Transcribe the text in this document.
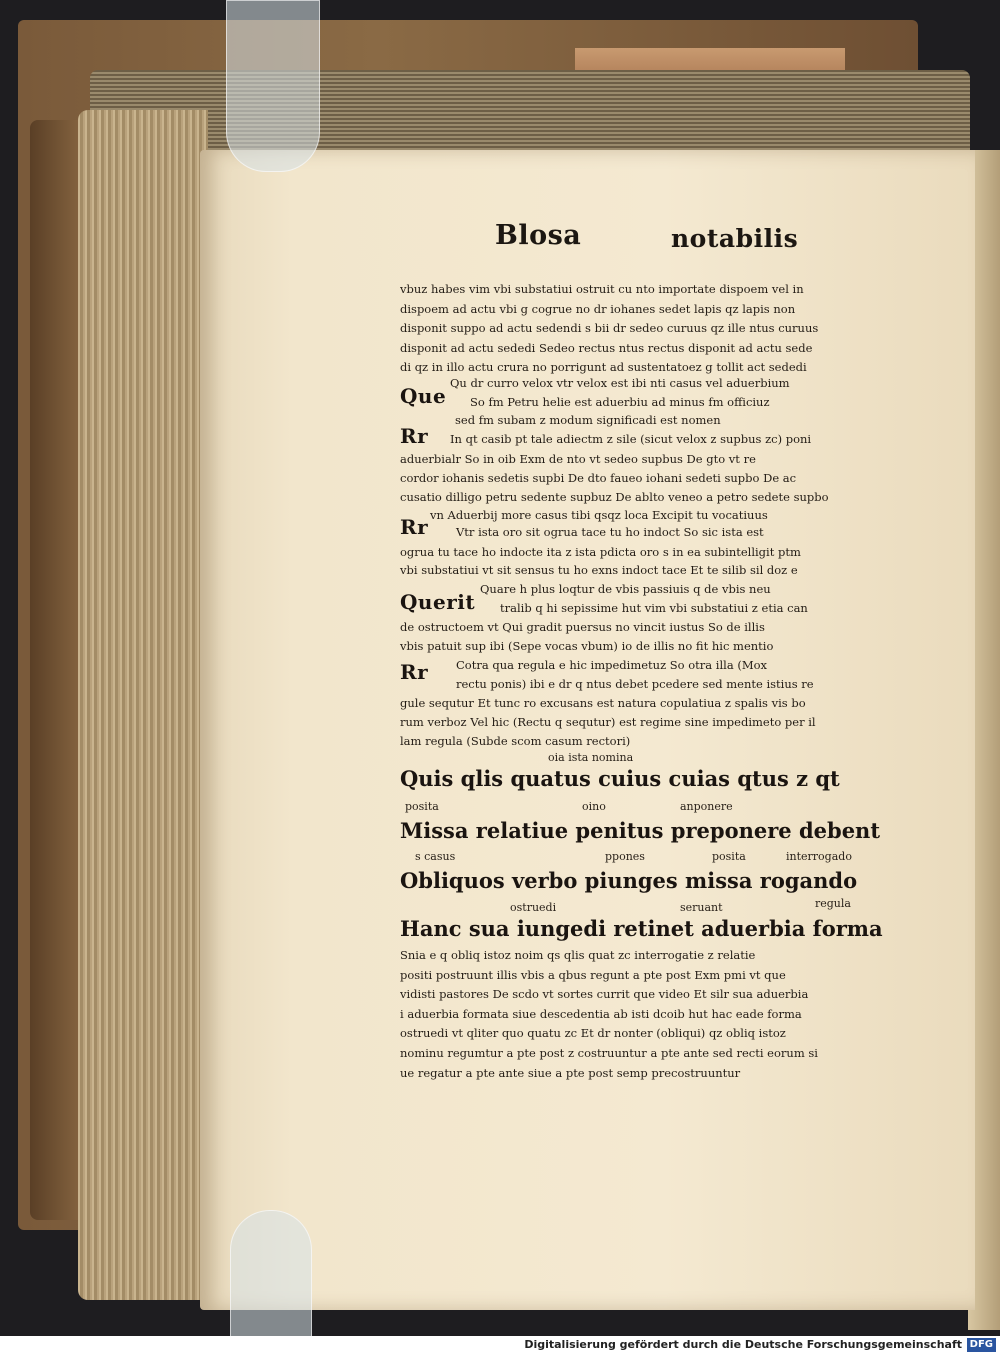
Blosa	notabilis
vbuz habes vim vbi substatiui ostruit cu nto importate dispoem vel in
dispoem ad actu vbi g cogrue no dr iohanes sedet lapis qz lapis non
disponit suppo ad actu sedendi s bii dr sedeo curuus qz ille ntus curuus
disponit ad actu sededi Sedeo rectus ntus rectus disponit ad actu sede
di qz in illo actu crura no porrigunt ad sustentatoez g tollit act sededi
Que
Qu dr curro velox vtr velox est ibi nti casus vel aduerbium
So fm Petru helie est aduerbiu ad minus fm officiuz
sed fm subam z modum significadi est nomen
Rr In qt casib pt tale adiectm z sile (sicut velox z supbus zc) poni
aduerbialr So in oib Exm de nto vt sedeo supbus De gto vt re
cordor iohanis sedetis supbi De dto faueo iohani sedeti supbo De ac
cusatio dilligo petru sedente supbuz De ablto veneo a petro sedete supbo
vn Aduerbij more casus tibi qsqz loca Excipit tu vocatiuus
Rr Vtr ista oro sit ogrua tace tu ho indoct So sic ista est
ogrua tu tace ho indocte ita z ista pdicta oro s in ea subintelligit ptm
vbi substatiui vt sit sensus tu ho exns indoct tace Et te silib sil doz e
Querit
Quare h plus loqtur de vbis passiuis q de vbis neu
tralib q hi sepissime hut vim vbi substatiui z etia can
de ostructoem vt Qui gradit puersus no vincit iustus So de illis
vbis patuit sup ibi (Sepe vocas vbum) io de illis no fit hic mentio
Rr Cotra qua regula e hic impedimetuz So otra illa (Mox
rectu ponis) ibi e dr q ntus debet pcedere sed mente istius re
gule sequtur Et tunc ro excusans est natura copulatiua z spalis vis bo
rum verboz Vel hic (Rectu q sequtur) est regime sine impedimeto per il
lam regula (Subde scom casum rectori)
oia ista nomina
Quis qlis quatus cuius cuias qtus z qt
posita	oino	anponere
Missa relatiue penitus preponere debent
s casus	ppones	posita	interrogado
Obliquos verbo piunges missa rogando
ostruedi	seruant	regula
Hanc sua iungedi retinet aduerbia forma
Snia e q obliq istoz noim qs qlis quat zc interrogatie z relatie
positi postruunt illis vbis a qbus regunt a pte post Exm pmi vt que
vidisti pastores De scdo vt sortes currit que video Et silr sua aduerbia
i aduerbia formata siue descedentia ab isti dcoib hut hac eade forma
ostruedi vt qliter quo quatu zc Et dr nonter (obliqui) qz obliq istoz
nominu regumtur a pte post z costruuntur a pte ante sed recti eorum si
ue regatur a pte ante siue a pte post semp precostruuntur
Digitalisierung gefördert durch die Deutsche Forschungsgemeinschaft DFG
